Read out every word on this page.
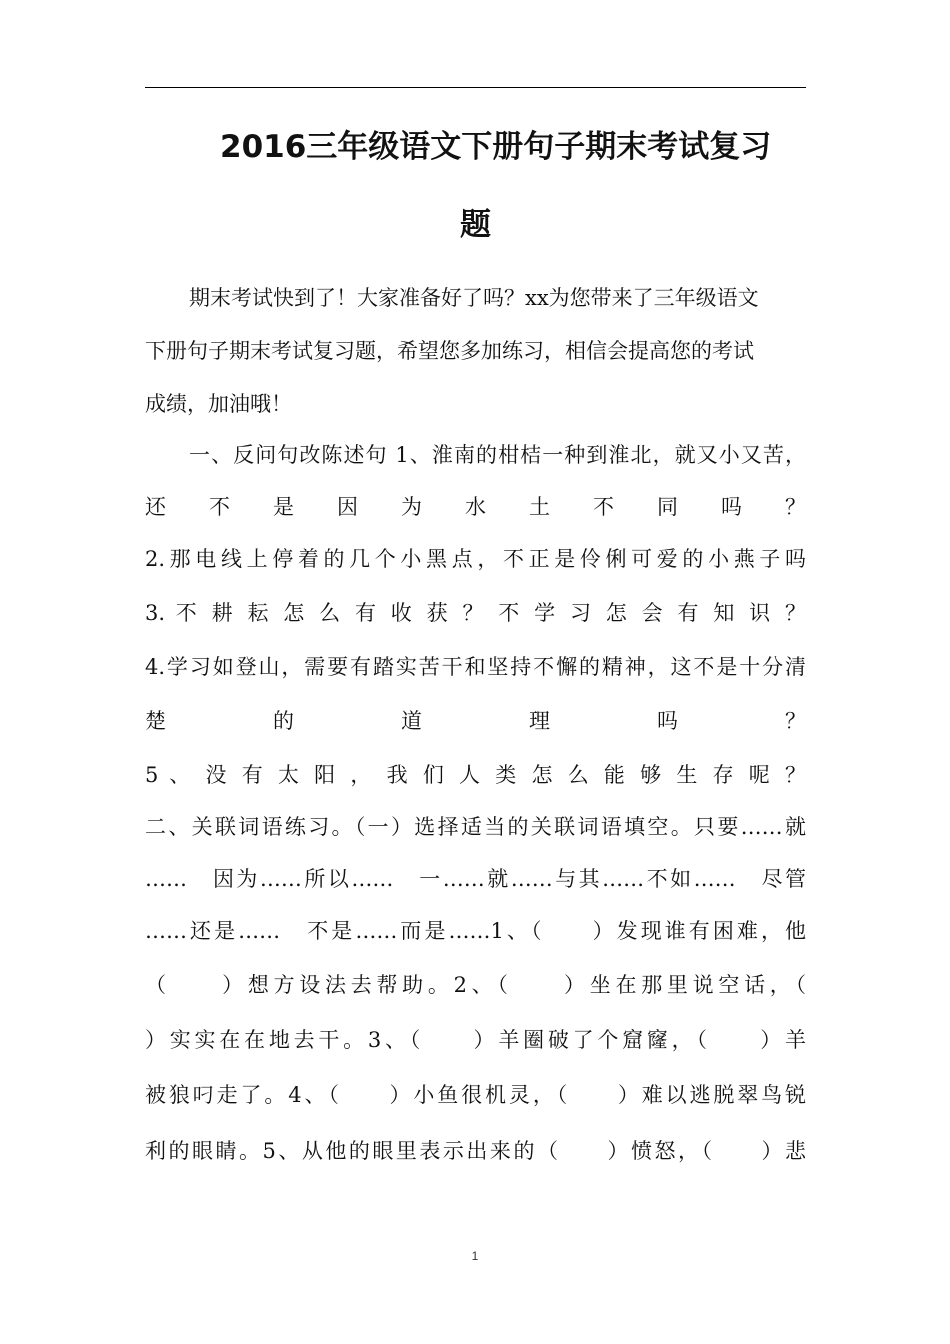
2016三年级语文下册句子期末考试复习
题
期末考试快到了！大家准备好了吗？xx为您带来了三年级语文
下册句子期末考试复习题，希望您多加练习，相信会提高您的考试
成绩，加油哦！
一、反问句改陈述句 1、淮南的柑桔一种到淮北，就又小又苦，
还 不 是 因 为 水 土 不 同 吗 ？
2.那电线上停着的几个小黑点，不正是伶俐可爱的小燕子吗
3. 不 耕 耘 怎 么 有 收 获 ？ 不 学 习 怎 会 有 知 识 ？
4.学习如登山，需要有踏实苦干和坚持不懈的精神，这不是十分清
楚 的 道 理 吗 ？
5 、 没 有 太 阳 ， 我 们 人 类 怎 么 能 够 生 存 呢 ？
二、关联词语练习。（一）选择适当的关联词语填空。只要……就
……　因为……所以……　一……就……与其……不如……　尽管
……还是……　不是……而是……1、（　　）发现谁有困难，他
（　　）想方设法去帮助。2、（　　）坐在那里说空话，（
）实实在在地去干。3、（　　）羊圈破了个窟窿，（　　）羊
被狼叼走了。4、（　　）小鱼很机灵，（　　）难以逃脱翠鸟锐
利的眼睛。5、从他的眼里表示出来的（　　）愤怒，（　　）悲
1
